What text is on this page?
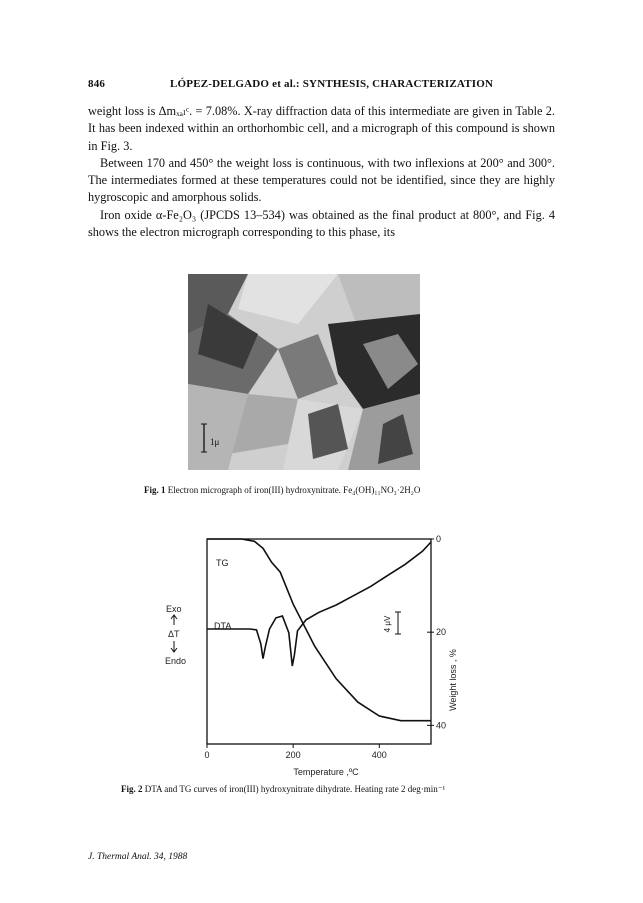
846	LÓPEZ-DELGADO et al.: SYNTHESIS, CHARACTERIZATION

weight loss is Δmₓₐₗᶜ. = 7.08%. X-ray diffraction data of this intermediate are given in Table 2. It has been indexed within an orthorhombic cell, and a micrograph of this compound is shown in Fig. 3.

Between 170 and 450° the weight loss is continuous, with two inflexions at 200° and 300°. The intermediates formed at these temperatures could not be identified, since they are highly hygroscopic and amorphous solids.

Iron oxide α-Fe₂O₃ (JPCDS 13–534) was obtained as the final product at 800°, and Fig. 4 shows the electron micrograph corresponding to this phase, its

1μ
Fig. 1 Electron micrograph of iron(III) hydroxynitrate. Fe₄(OH)₁₁NO₃·2H₂O
0	200	400
0
20
40
TG
DTA
Exo
ΔT
Endo
4 μV
Temperature ,ºC
Weight loss , %
Fig. 2 DTA and TG curves of iron(III) hydroxynitrate dihydrate. Heating rate 2 deg·min⁻¹
J. Thermal Anal. 34, 1988
